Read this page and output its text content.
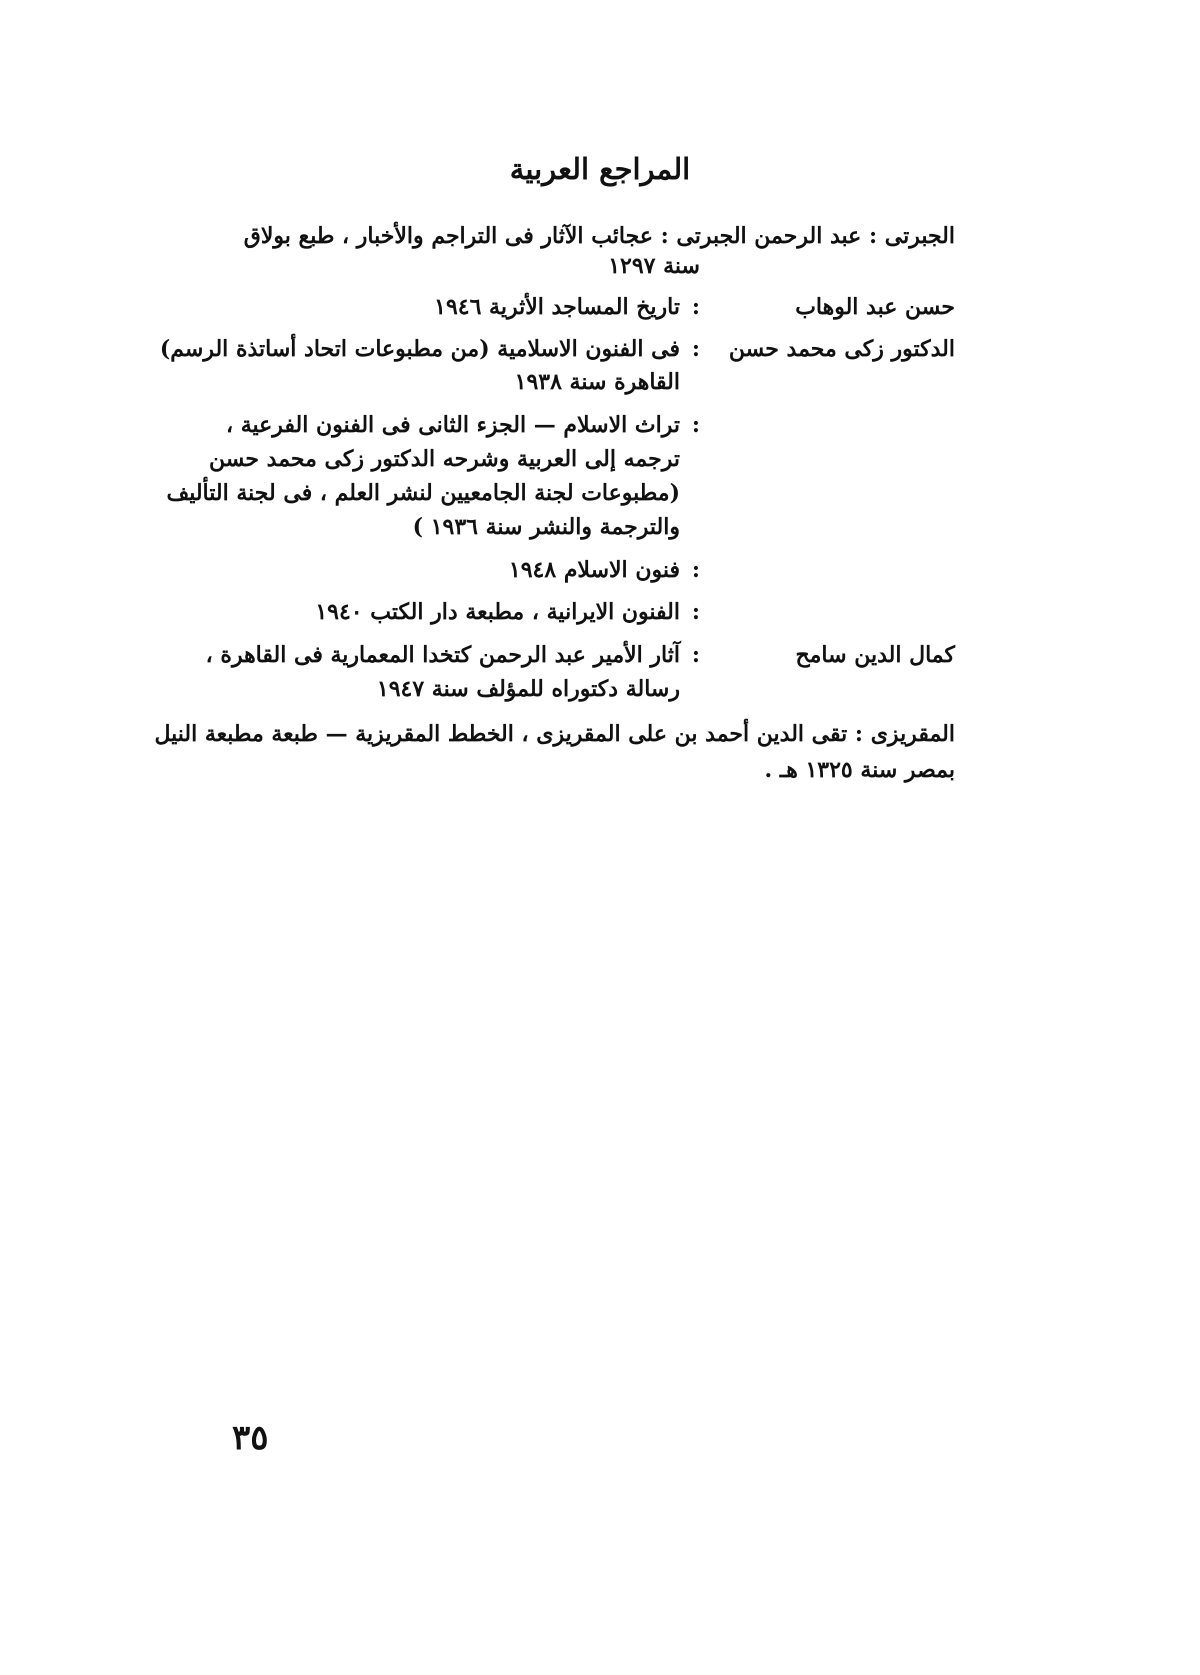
المراجع العربية
الجبرتى : عبد الرحمن الجبرتى : عجائب الآثار فى التراجم والأخبار ، طبع بولاق
سنة ١٢٩٧
حسن عبد الوهاب
:
تاريخ المساجد الأثرية ١٩٤٦
الدكتور زكى محمد حسن
:
فى الفنون الاسلامية (من مطبوعات اتحاد أساتذة الرسم)
القاهرة سنة ١٩٣٨
:
تراث الاسلام — الجزء الثانى فى الفنون الفرعية ،
ترجمه إلى العربية وشرحه الدكتور زكى محمد حسن
(مطبوعات لجنة الجامعيين لنشر العلم ، فى لجنة التأليف
والترجمة والنشر سنة ١٩٣٦ )
:
فنون الاسلام ١٩٤٨
:
الفنون الايرانية ، مطبعة دار الكتب ١٩٤٠
كمال الدين سامح
:
آثار الأمير عبد الرحمن كتخدا المعمارية فى القاهرة ،
رسالة دكتوراه للمؤلف سنة ١٩٤٧
المقريزى : تقى الدين أحمد بن على المقريزى ، الخطط المقريزية — طبعة مطبعة النيل
بمصر سنة ١٣٢٥ هـ .
٣٥
